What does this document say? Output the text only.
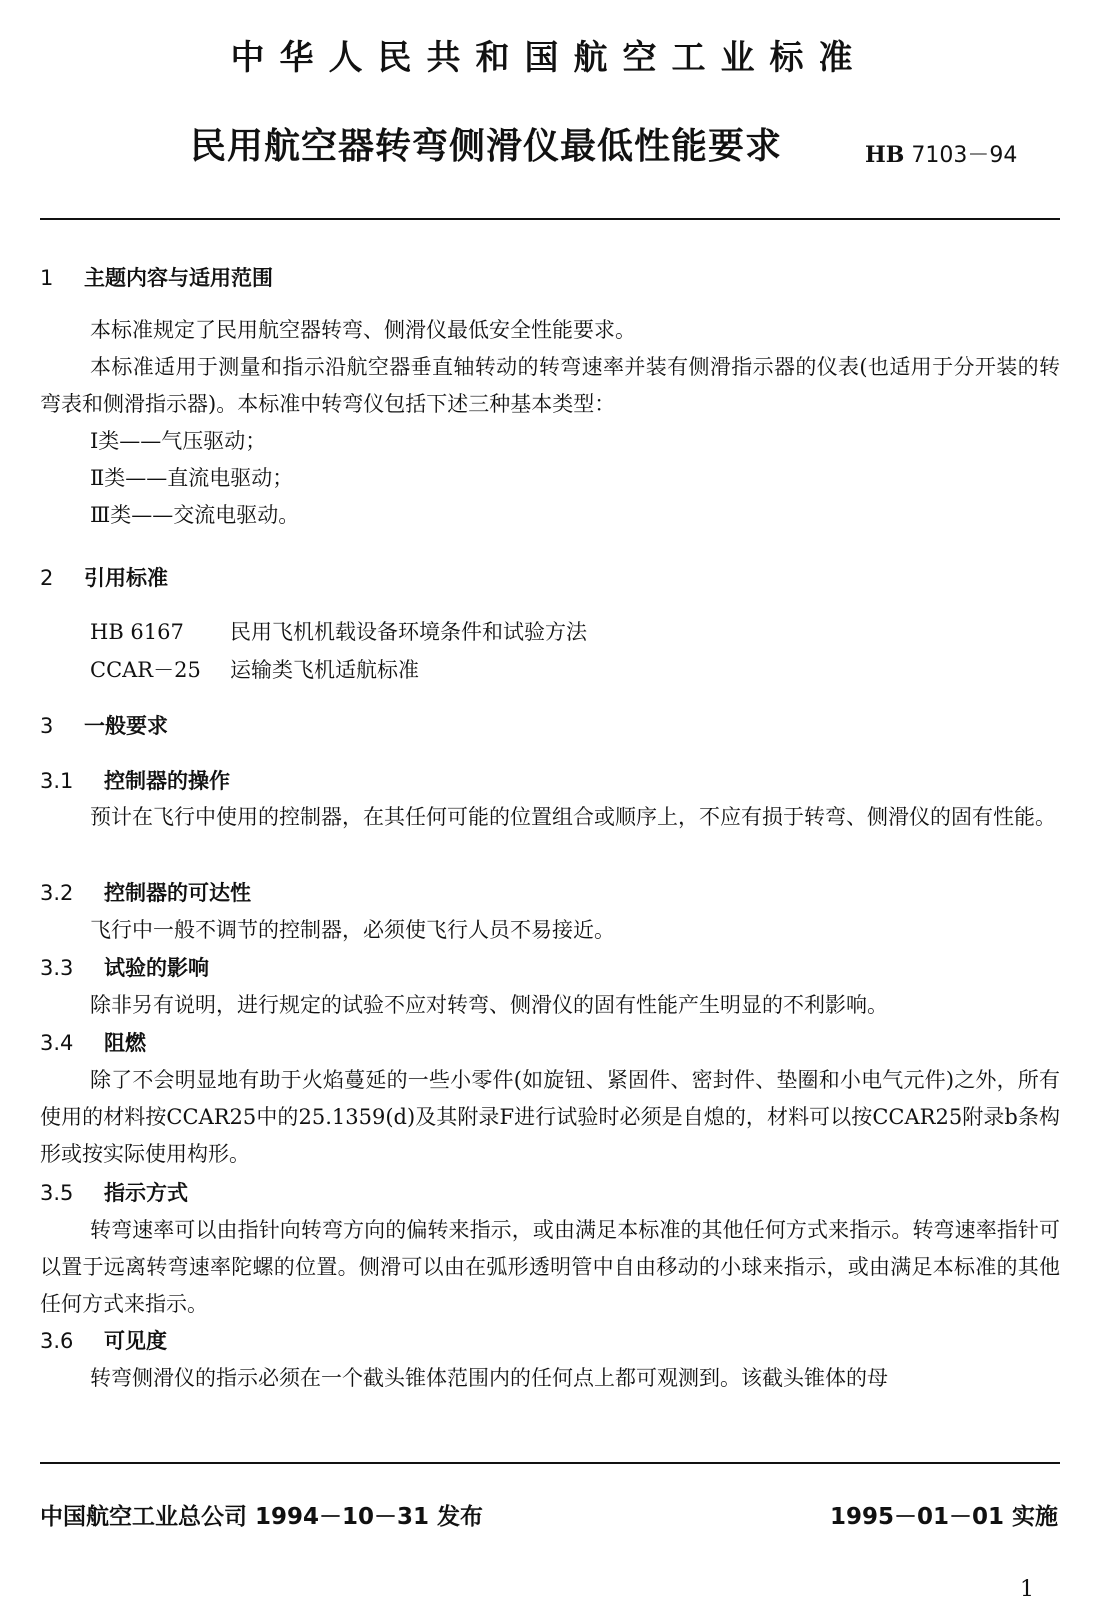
中华人民共和国航空工业标准
民用航空器转弯侧滑仪最低性能要求	HB 7103－94
1 主题内容与适用范围

本标准规定了民用航空器转弯、侧滑仪最低安全性能要求。

本标准适用于测量和指示沿航空器垂直轴转动的转弯速率并装有侧滑指示器的仪表(也适用于分开装的转弯表和侧滑指示器)。本标准中转弯仪包括下述三种基本类型：

Ⅰ类——气压驱动；
Ⅱ类——直流电驱动；
Ⅲ类——交流电驱动。
2 引用标准
HB 6167 民用飞机机载设备环境条件和试验方法
CCAR－25 运输类飞机适航标准
3 一般要求
3.1 控制器的操作

预计在飞行中使用的控制器，在其任何可能的位置组合或顺序上，不应有损于转弯、侧滑仪的固有性能。

3.2 控制器的可达性

飞行中一般不调节的控制器，必须使飞行人员不易接近。

3.3 试验的影响

除非另有说明，进行规定的试验不应对转弯、侧滑仪的固有性能产生明显的不利影响。

3.4 阻燃

除了不会明显地有助于火焰蔓延的一些小零件(如旋钮、紧固件、密封件、垫圈和小电气元件)之外，所有使用的材料按CCAR25中的25.1359(d)及其附录F进行试验时必须是自熄的，材料可以按CCAR25附录b条构形或按实际使用构形。

3.5 指示方式

转弯速率可以由指针向转弯方向的偏转来指示，或由满足本标准的其他任何方式来指示。转弯速率指针可以置于远离转弯速率陀螺的位置。侧滑可以由在弧形透明管中自由移动的小球来指示，或由满足本标准的其他任何方式来指示。

3.6 可见度

转弯侧滑仪的指示必须在一个截头锥体范围内的任何点上都可观测到。该截头锥体的母

中国航空工业总公司 1994－10－31 发布	1995－01－01 实施
1
